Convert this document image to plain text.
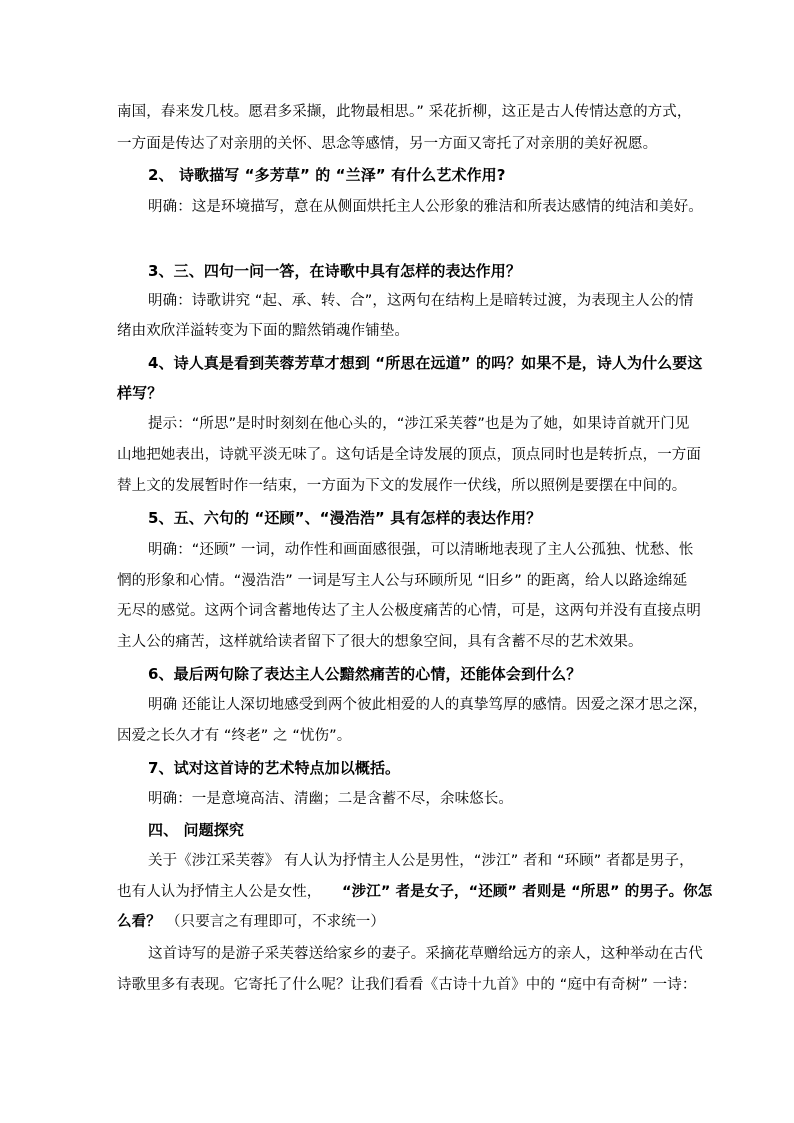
南国，春来发几枝。愿君多采撷，此物最相思。” 采花折柳，这正是古人传情达意的方式，
一方面是传达了对亲朋的关怀、思念等感情，另一方面又寄托了对亲朋的美好祝愿。
2、 诗歌描写 “多芳草” 的 “兰泽” 有什么艺术作用?
明确：这是环境描写，意在从侧面烘托主人公形象的雅洁和所表达感情的纯洁和美好。
3、三、四句一问一答，在诗歌中具有怎样的表达作用？
明确：诗歌讲究 “起、承、转、合”，这两句在结构上是暗转过渡，为表现主人公的情
绪由欢欣洋溢转变为下面的黯然销魂作铺垫。
4、诗人真是看到芙蓉芳草才想到 “所思在远道” 的吗？如果不是，诗人为什么要这
样写？
提示：“所思”是时时刻刻在他心头的，“涉江采芙蓉”也是为了她，如果诗首就开门见
山地把她表出，诗就平淡无味了。这句话是全诗发展的顶点，顶点同时也是转折点，一方面
替上文的发展暂时作一结束，一方面为下文的发展作一伏线，所以照例是要摆在中间的。
5、五、六句的 “还顾”、“漫浩浩” 具有怎样的表达作用？
明确：“还顾” 一词，动作性和画面感很强，可以清晰地表现了主人公孤独、忧愁、怅
惘的形象和心情。“漫浩浩” 一词是写主人公与环顾所见 “旧乡” 的距离，给人以路途绵延
无尽的感觉。这两个词含蓄地传达了主人公极度痛苦的心情，可是，这两句并没有直接点明
主人公的痛苦，这样就给读者留下了很大的想象空间，具有含蓄不尽的艺术效果。
6、最后两句除了表达主人公黯然痛苦的心情，还能体会到什么？
明确 还能让人深切地感受到两个彼此相爱的人的真挚笃厚的感情。因爱之深才思之深，
因爱之长久才有 “终老” 之 “忧伤”。
7、试对这首诗的艺术特点加以概括。
明确：一是意境高洁、清幽；二是含蓄不尽，余味悠长。
四、 问题探究
关于《涉江采芙蓉》 有人认为抒情主人公是男性，“涉江” 者和 “环顾” 者都是男子，
也有人认为抒情主人公是女性， “涉江” 者是女子，“还顾” 者则是 “所思” 的男子。你怎
么看？ （只要言之有理即可，不求统一）
这首诗写的是游子采芙蓉送给家乡的妻子。采摘花草赠给远方的亲人，这种举动在古代
诗歌里多有表现。它寄托了什么呢？让我们看看《古诗十九首》中的 “庭中有奇树” 一诗：
